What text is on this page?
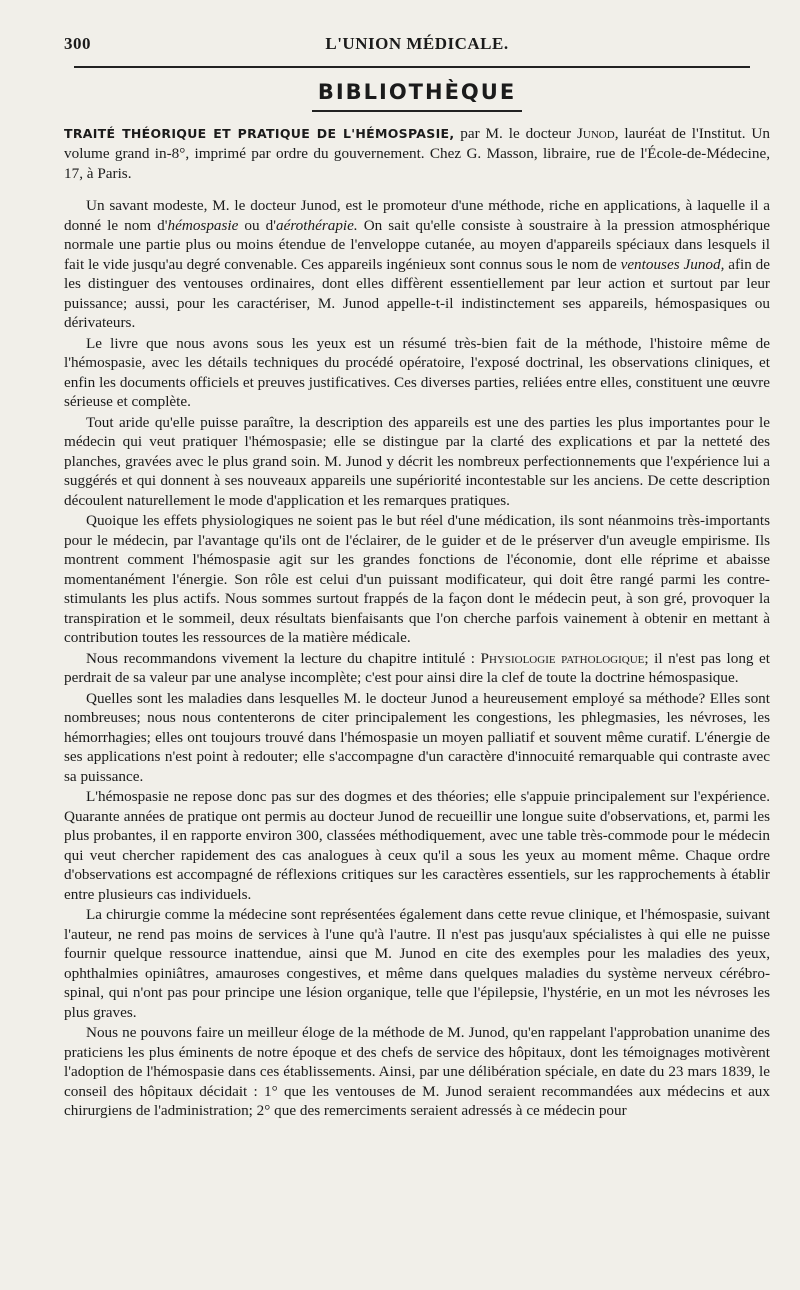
300	L'UNION MÉDICALE.
BIBLIOTHÈQUE
TRAITÉ THÉORIQUE ET PRATIQUE DE L'HÉMOSPASIE, par M. le docteur Junod, lauréat de l'Institut. Un volume grand in-8°, imprimé par ordre du gouvernement. Chez G. Masson, libraire, rue de l'École-de-Médecine, 17, à Paris.

Un savant modeste, M. le docteur Junod, est le promoteur d'une méthode, riche en applications, à laquelle il a donné le nom d'hémospasie ou d'aérothérapie. On sait qu'elle consiste à soustraire à la pression atmosphérique normale une partie plus ou moins étendue de l'enveloppe cutanée, au moyen d'appareils spéciaux dans lesquels il fait le vide jusqu'au degré convenable. Ces appareils ingénieux sont connus sous le nom de ventouses Junod, afin de les distinguer des ventouses ordinaires, dont elles diffèrent essentiellement par leur action et surtout par leur puissance; aussi, pour les caractériser, M. Junod appelle-t-il indistinctement ses appareils, hémospasiques ou dérivateurs.

Le livre que nous avons sous les yeux est un résumé très-bien fait de la méthode, l'histoire même de l'hémospasie, avec les détails techniques du procédé opératoire, l'exposé doctrinal, les observations cliniques, et enfin les documents officiels et preuves justificatives. Ces diverses parties, reliées entre elles, constituent une œuvre sérieuse et complète.

Tout aride qu'elle puisse paraître, la description des appareils est une des parties les plus importantes pour le médecin qui veut pratiquer l'hémospasie; elle se distingue par la clarté des explications et par la netteté des planches, gravées avec le plus grand soin. M. Junod y décrit les nombreux perfectionnements que l'expérience lui a suggérés et qui donnent à ses nouveaux appareils une supériorité incontestable sur les anciens. De cette description découlent naturellement le mode d'application et les remarques pratiques.

Quoique les effets physiologiques ne soient pas le but réel d'une médication, ils sont néanmoins très-importants pour le médecin, par l'avantage qu'ils ont de l'éclairer, de le guider et de le préserver d'un aveugle empirisme. Ils montrent comment l'hémospasie agit sur les grandes fonctions de l'économie, dont elle réprime et abaisse momentanément l'énergie. Son rôle est celui d'un puissant modificateur, qui doit être rangé parmi les contre-stimulants les plus actifs. Nous sommes surtout frappés de la façon dont le médecin peut, à son gré, provoquer la transpiration et le sommeil, deux résultats bienfaisants que l'on cherche parfois vainement à obtenir en mettant à contribution toutes les ressources de la matière médicale.

Nous recommandons vivement la lecture du chapitre intitulé : Physiologie pathologique; il n'est pas long et perdrait de sa valeur par une analyse incomplète; c'est pour ainsi dire la clef de toute la doctrine hémospasique.

Quelles sont les maladies dans lesquelles M. le docteur Junod a heureusement employé sa méthode? Elles sont nombreuses; nous nous contenterons de citer principalement les congestions, les phlegmasies, les névroses, les hémorrhagies; elles ont toujours trouvé dans l'hémospasie un moyen palliatif et souvent même curatif. L'énergie de ses applications n'est point à redouter; elle s'accompagne d'un caractère d'innocuité remarquable qui contraste avec sa puissance.

L'hémospasie ne repose donc pas sur des dogmes et des théories; elle s'appuie principalement sur l'expérience. Quarante années de pratique ont permis au docteur Junod de recueillir une longue suite d'observations, et, parmi les plus probantes, il en rapporte environ 300, classées méthodiquement, avec une table très-commode pour le médecin qui veut chercher rapidement des cas analogues à ceux qu'il a sous les yeux au moment même. Chaque ordre d'observations est accompagné de réflexions critiques sur les caractères essentiels, sur les rapprochements à établir entre plusieurs cas individuels.

La chirurgie comme la médecine sont représentées également dans cette revue clinique, et l'hémospasie, suivant l'auteur, ne rend pas moins de services à l'une qu'à l'autre. Il n'est pas jusqu'aux spécialistes à qui elle ne puisse fournir quelque ressource inattendue, ainsi que M. Junod en cite des exemples pour les maladies des yeux, ophthalmies opiniâtres, amauroses congestives, et même dans quelques maladies du système nerveux cérébro-spinal, qui n'ont pas pour principe une lésion organique, telle que l'épilepsie, l'hystérie, en un mot les névroses les plus graves.

Nous ne pouvons faire un meilleur éloge de la méthode de M. Junod, qu'en rappelant l'approbation unanime des praticiens les plus éminents de notre époque et des chefs de service des hôpitaux, dont les témoignages motivèrent l'adoption de l'hémospasie dans ces établissements. Ainsi, par une délibération spéciale, en date du 23 mars 1839, le conseil des hôpitaux décidait : 1° que les ventouses de M. Junod seraient recommandées aux médecins et aux chirurgiens de l'administration; 2° que des remerciments seraient adressés à ce médecin pour
